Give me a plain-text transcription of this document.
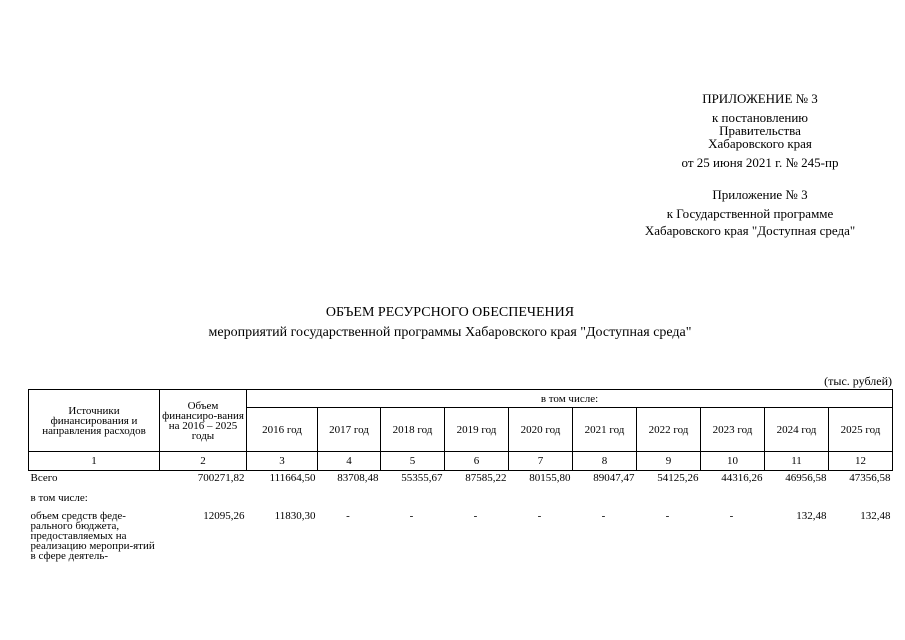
ПРИЛОЖЕНИЕ № 3
к постановлению
Правительства
Хабаровского края
от 25 июня 2021 г. № 245-пр
Приложение № 3
к Государственной программе
Хабаровского края "Доступная среда"
ОБЪЕМ РЕСУРСНОГО ОБЕСПЕЧЕНИЯ
мероприятий государственной программы Хабаровского края "Доступная среда"
(тыс. рублей)
Источники финансирования и направления расходов	Объем финансиро-вания на 2016 – 2025 годы	в том числе:									
		2016 год	2017 год	2018 год	2019 год	2020 год	2021 год	2022 год	2023 год	2024 год	2025 год
1	2	3	4	5	6	7	8	9	10	11	12
Всего	700271,82	111664,50	83708,48	55355,67	87585,22	80155,80	89047,47	54125,26	44316,26	46956,58	47356,58
в том числе:											
объем средств феде-рального бюджета, предоставляемых на реализацию меропри-ятий в сфере деятель-	12095,26	11830,30	-	-	-	-	-	-	-	132,48	132,48
